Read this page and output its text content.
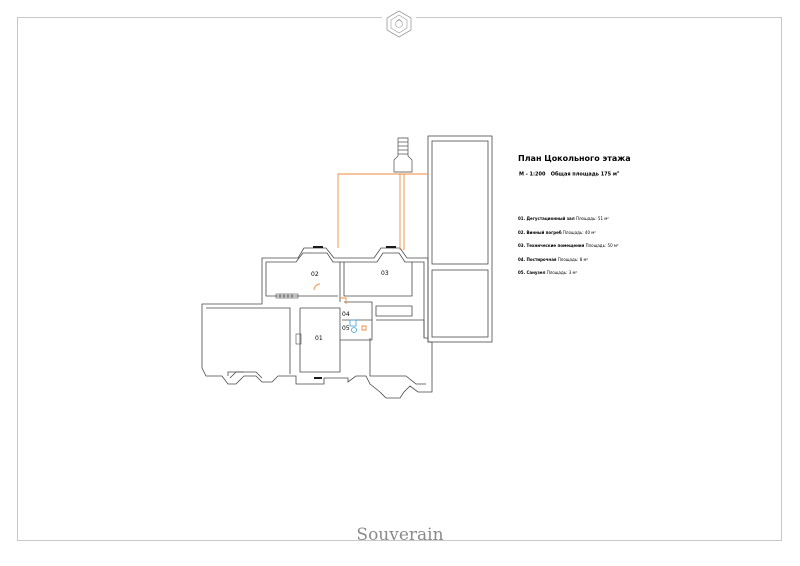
02	03
04
05
01
План Цокольного этажа
М - 1:200 Общая площадь 175 $м^2$
01. Дегустационный зал Площадь: 51 м²
02. Винный погреб Площадь: 40 м²
03. Технические помещения Площадь: 50 м²
04. Постирочная Площадь: 8 м²
05. Санузел Площадь: 3 м²
Souverain
